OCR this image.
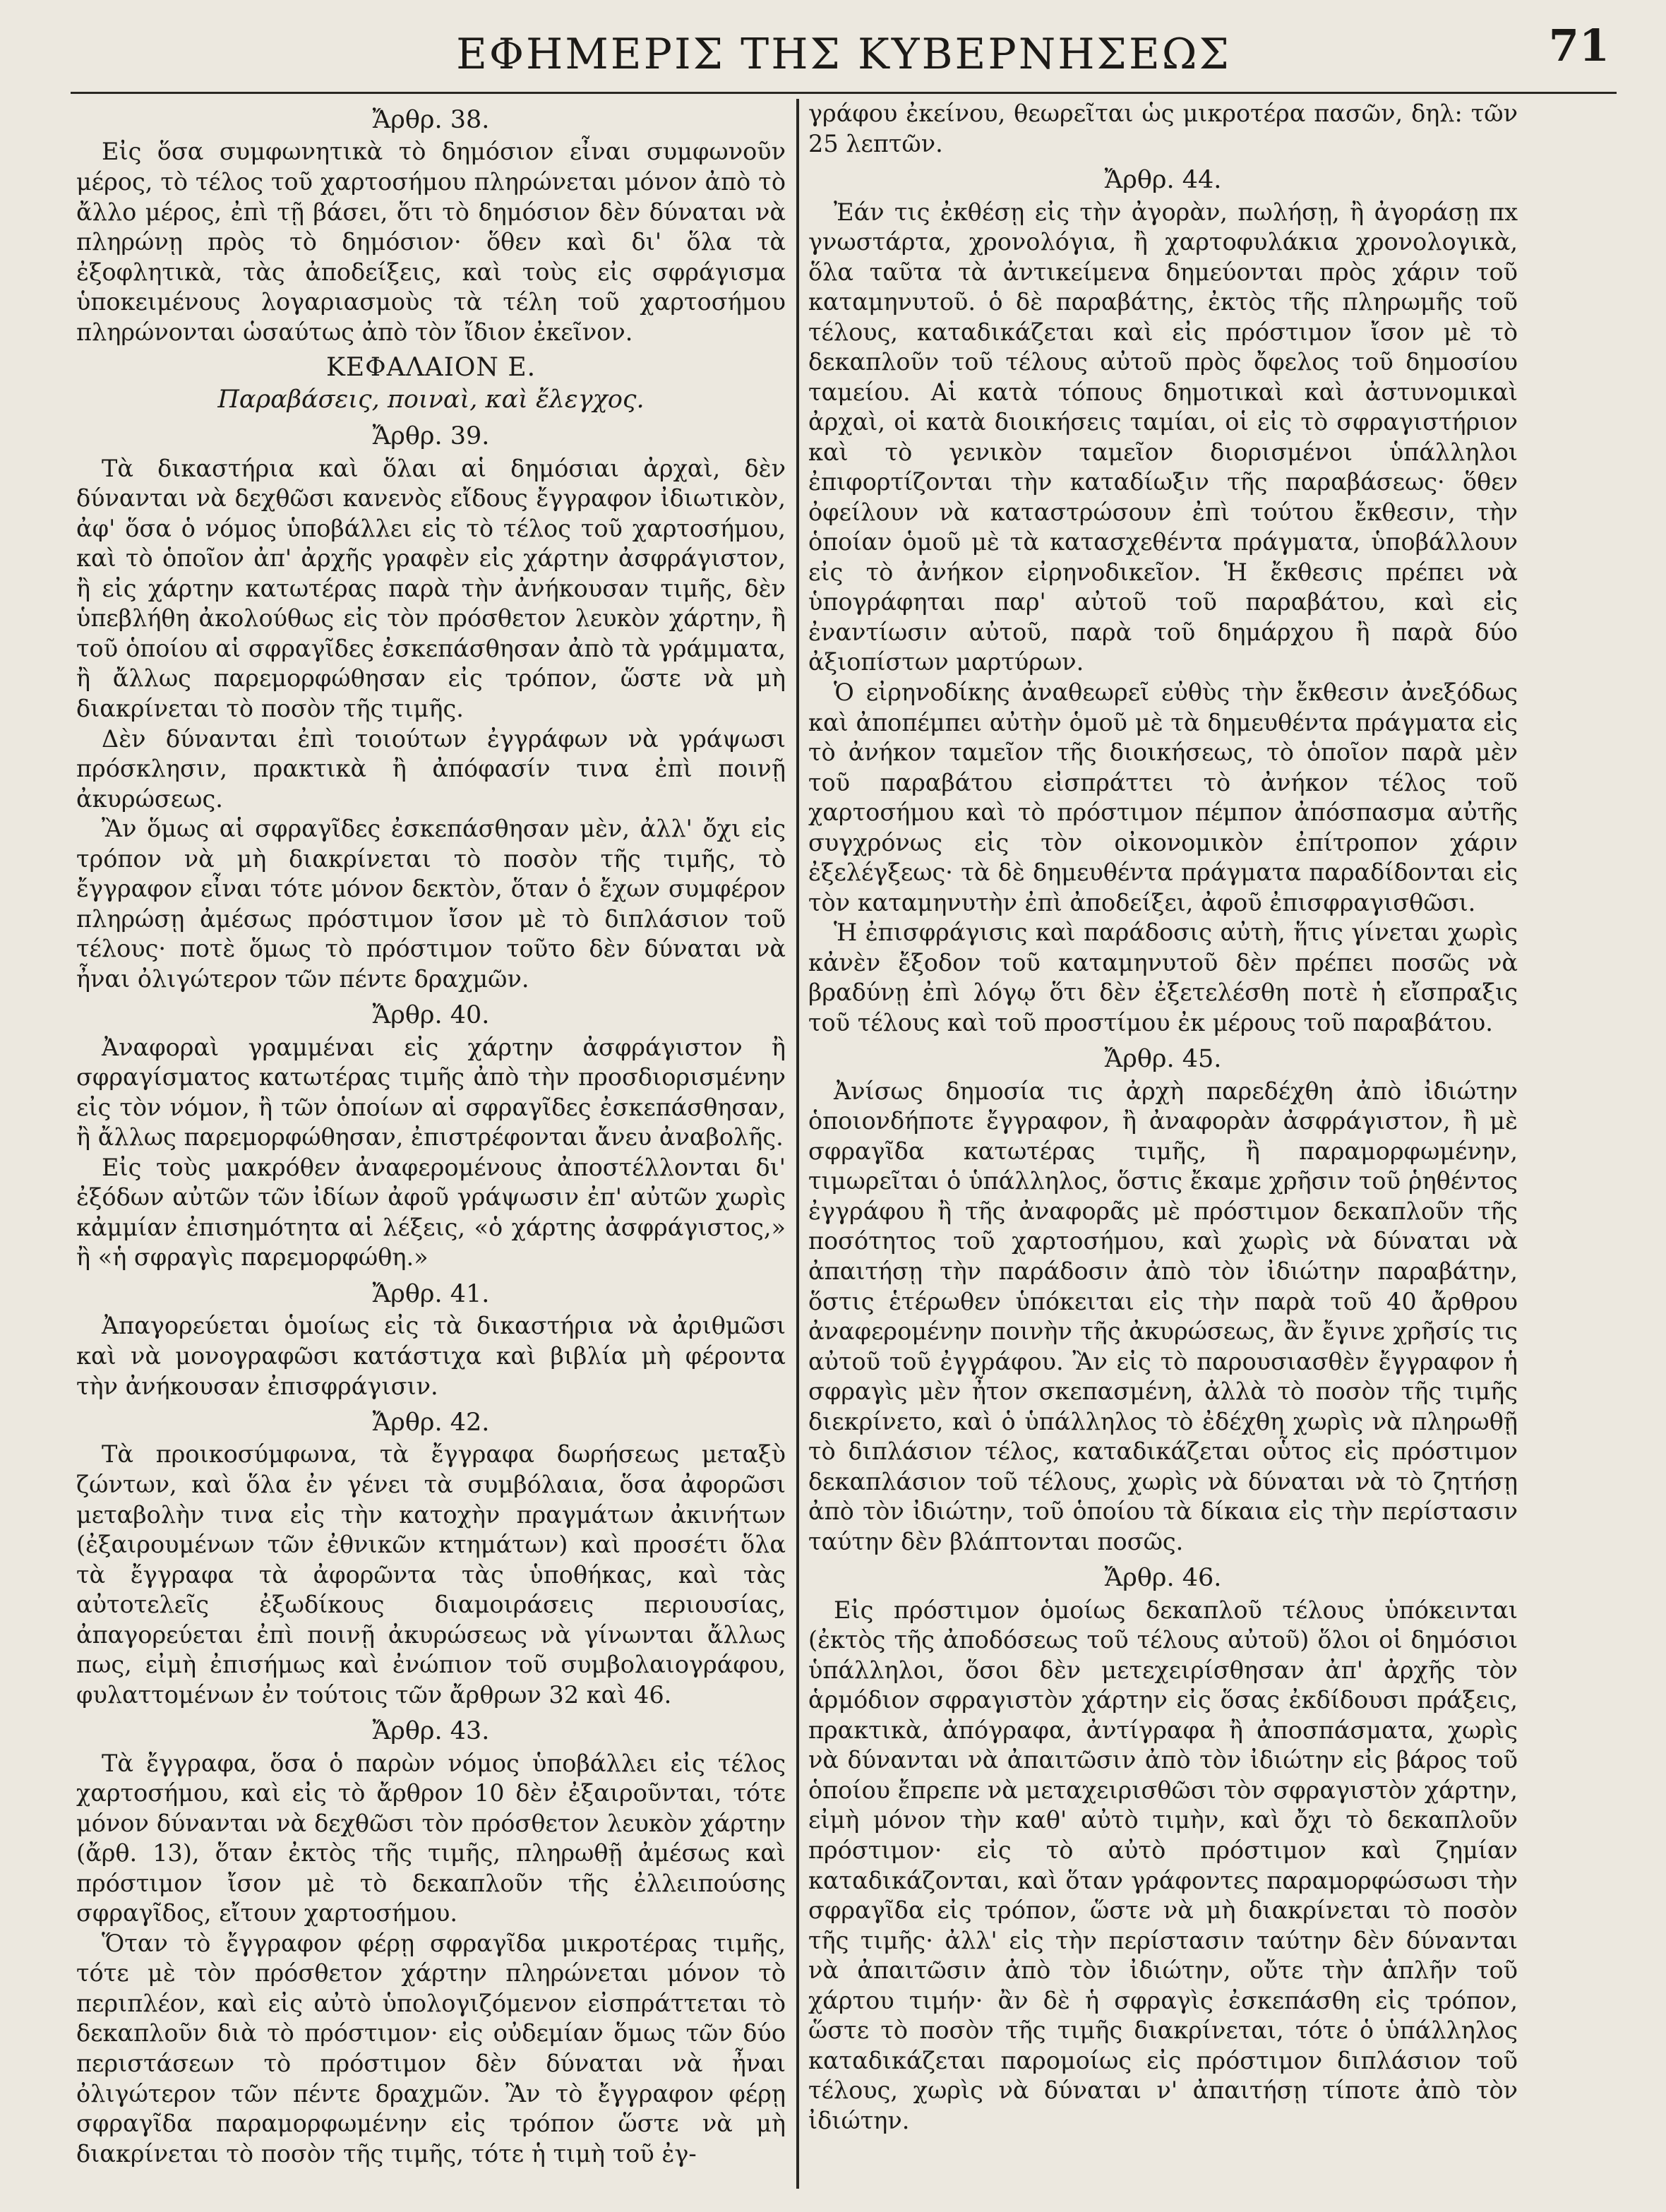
ΕΦΗΜΕΡΙΣ ΤΗΣ ΚΥΒΕΡΝΗΣΕΩΣ	71

Ἄρθρ. 38.

Εἰς ὅσα συμφωνητικὰ τὸ δημόσιον εἶναι συμφωνοῦν μέρος, τὸ τέλος τοῦ χαρτοσήμου πληρώνεται μόνον ἀπὸ τὸ ἄλλο μέρος, ἐπὶ τῇ βάσει, ὅτι τὸ δημόσιον δὲν δύναται νὰ πληρώνῃ πρὸς τὸ δημόσιον· ὅθεν καὶ δι' ὅλα τὰ ἐξοφλητικὰ, τὰς ἀποδείξεις, καὶ τοὺς εἰς σφράγισμα ὑποκειμένους λογαριασμοὺς τὰ τέλη τοῦ χαρτοσήμου πληρώνονται ὡσαύτως ἀπὸ τὸν ἴδιον ἐκεῖνον.

ΚΕΦΑΛΑΙΟΝ Ε.

Παραβάσεις, ποιναὶ, καὶ ἔλεγχος.

Ἄρθρ. 39.

Τὰ δικαστήρια καὶ ὅλαι αἱ δημόσιαι ἀρχαὶ, δὲν δύνανται νὰ δεχθῶσι κανενὸς εἴδους ἔγγραφον ἰδιωτικὸν, ἀφ' ὅσα ὁ νόμος ὑποβάλλει εἰς τὸ τέλος τοῦ χαρτοσήμου, καὶ τὸ ὁποῖον ἀπ' ἀρχῆς γραφὲν εἰς χάρτην ἀσφράγιστον, ἢ εἰς χάρτην κατωτέρας παρὰ τὴν ἀνήκουσαν τιμῆς, δὲν ὑπεβλήθη ἀκολούθως εἰς τὸν πρόσθετον λευκὸν χάρτην, ἢ τοῦ ὁποίου αἱ σφραγῖδες ἐσκεπάσθησαν ἀπὸ τὰ γράμματα, ἢ ἄλλως παρεμορφώθησαν εἰς τρόπον, ὥστε νὰ μὴ διακρίνεται τὸ ποσὸν τῆς τιμῆς.

Δὲν δύνανται ἐπὶ τοιούτων ἐγγράφων νὰ γράψωσι πρόσκλησιν, πρακτικὰ ἢ ἀπόφασίν τινα ἐπὶ ποινῇ ἀκυρώσεως.

Ἂν ὅμως αἱ σφραγῖδες ἐσκεπάσθησαν μὲν, ἀλλ' ὄχι εἰς τρόπον νὰ μὴ διακρίνεται τὸ ποσὸν τῆς τιμῆς, τὸ ἔγγραφον εἶναι τότε μόνον δεκτὸν, ὅταν ὁ ἔχων συμφέρον πληρώσῃ ἀμέσως πρόστιμον ἴσον μὲ τὸ διπλάσιον τοῦ τέλους· ποτὲ ὅμως τὸ πρόστιμον τοῦτο δὲν δύναται νὰ ἦναι ὀλιγώτερον τῶν πέντε δραχμῶν.

Ἄρθρ. 40.

Ἀναφοραὶ γραμμέναι εἰς χάρτην ἀσφράγιστον ἢ σφραγίσματος κατωτέρας τιμῆς ἀπὸ τὴν προσδιορισμένην εἰς τὸν νόμον, ἢ τῶν ὁποίων αἱ σφραγῖδες ἐσκεπάσθησαν, ἢ ἄλλως παρεμορφώθησαν, ἐπιστρέφονται ἄνευ ἀναβολῆς.

Εἰς τοὺς μακρόθεν ἀναφερομένους ἀποστέλλονται δι' ἐξόδων αὐτῶν τῶν ἰδίων ἀφοῦ γράψωσιν ἐπ' αὐτῶν χωρὶς κἀμμίαν ἐπισημότητα αἱ λέξεις, «ὁ χάρτης ἀσφράγιστος,» ἢ «ἡ σφραγὶς παρεμορφώθη.»

Ἄρθρ. 41.

Ἀπαγορεύεται ὁμοίως εἰς τὰ δικαστήρια νὰ ἀριθμῶσι καὶ νὰ μονογραφῶσι κατάστιχα καὶ βιβλία μὴ φέροντα τὴν ἀνήκουσαν ἐπισφράγισιν.

Ἄρθρ. 42.

Τὰ προικοσύμφωνα, τὰ ἔγγραφα δωρήσεως μεταξὺ ζώντων, καὶ ὅλα ἐν γένει τὰ συμβόλαια, ὅσα ἀφορῶσι μεταβολὴν τινα εἰς τὴν κατοχὴν πραγμάτων ἀκινήτων (ἐξαιρουμένων τῶν ἐθνικῶν κτημάτων) καὶ προσέτι ὅλα τὰ ἔγγραφα τὰ ἀφορῶντα τὰς ὑποθήκας, καὶ τὰς αὐτοτελεῖς ἐξωδίκους διαμοιράσεις περιουσίας, ἀπαγορεύεται ἐπὶ ποινῇ ἀκυρώσεως νὰ γίνωνται ἄλλως πως, εἰμὴ ἐπισήμως καὶ ἐνώπιον τοῦ συμβολαιογράφου, φυλαττομένων ἐν τούτοις τῶν ἄρθρων 32 καὶ 46.

Ἄρθρ. 43.

Τὰ ἔγγραφα, ὅσα ὁ παρὼν νόμος ὑποβάλλει εἰς τέλος χαρτοσήμου, καὶ εἰς τὸ ἄρθρον 10 δὲν ἐξαιροῦνται, τότε μόνον δύνανται νὰ δεχθῶσι τὸν πρόσθετον λευκὸν χάρτην (ἄρθ. 13), ὅταν ἐκτὸς τῆς τιμῆς, πληρωθῇ ἀμέσως καὶ πρόστιμον ἴσον μὲ τὸ δεκαπλοῦν τῆς ἐλλειπούσης σφραγῖδος, εἴτουν χαρτοσήμου.

Ὅταν τὸ ἔγγραφον φέρῃ σφραγῖδα μικροτέρας τιμῆς, τότε μὲ τὸν πρόσθετον χάρτην πληρώνεται μόνον τὸ περιπλέον, καὶ εἰς αὐτὸ ὑπολογιζόμενον εἰσπράττεται τὸ δεκαπλοῦν διὰ τὸ πρόστιμον· εἰς οὐδεμίαν ὅμως τῶν δύο περιστάσεων τὸ πρόστιμον δὲν δύναται νὰ ἦναι ὀλιγώτερον τῶν πέντε δραχμῶν. Ἂν τὸ ἔγγραφον φέρῃ σφραγῖδα παραμορφωμένην εἰς τρόπον ὥστε νὰ μὴ διακρίνεται τὸ ποσὸν τῆς τιμῆς, τότε ἡ τιμὴ τοῦ ἐγ-

γράφου ἐκείνου, θεωρεῖται ὡς μικροτέρα πασῶν, δηλ: τῶν 25 λεπτῶν.

Ἄρθρ. 44.

Ἐάν τις ἐκθέσῃ εἰς τὴν ἀγορὰν, πωλήσῃ, ἢ ἀγοράσῃ πx γνωστάρτα, χρονολόγια, ἢ χαρτοφυλάκια χρονολογικὰ, ὅλα ταῦτα τὰ ἀντικείμενα δημεύονται πρὸς χάριν τοῦ καταμηνυτοῦ. ὁ δὲ παραβάτης, ἐκτὸς τῆς πληρωμῆς τοῦ τέλους, καταδικάζεται καὶ εἰς πρόστιμον ἴσον μὲ τὸ δεκαπλοῦν τοῦ τέλους αὐτοῦ πρὸς ὄφελος τοῦ δημοσίου ταμείου. Αἱ κατὰ τόπους δημοτικαὶ καὶ ἀστυνομικαὶ ἀρχαὶ, οἱ κατὰ διοικήσεις ταμίαι, οἱ εἰς τὸ σφραγιστήριον καὶ τὸ γενικὸν ταμεῖον διορισμένοι ὑπάλληλοι ἐπιφορτίζονται τὴν καταδίωξιν τῆς παραβάσεως· ὅθεν ὀφείλουν νὰ καταστρώσουν ἐπὶ τούτου ἔκθεσιν, τὴν ὁποίαν ὁμοῦ μὲ τὰ κατασχεθέντα πράγματα, ὑποβάλλουν εἰς τὸ ἀνήκον εἰρηνοδικεῖον. Ἡ ἔκθεσις πρέπει νὰ ὑπογράφηται παρ' αὐτοῦ τοῦ παραβάτου, καὶ εἰς ἐναντίωσιν αὐτοῦ, παρὰ τοῦ δημάρχου ἢ παρὰ δύο ἀξιοπίστων μαρτύρων.

Ὁ εἰρηνοδίκης ἀναθεωρεῖ εὐθὺς τὴν ἔκθεσιν ἀνεξόδως καὶ ἀποπέμπει αὐτὴν ὁμοῦ μὲ τὰ δημευθέντα πράγματα εἰς τὸ ἀνήκον ταμεῖον τῆς διοικήσεως, τὸ ὁποῖον παρὰ μὲν τοῦ παραβάτου εἰσπράττει τὸ ἀνήκον τέλος τοῦ χαρτοσήμου καὶ τὸ πρόστιμον πέμπον ἀπόσπασμα αὐτῆς συγχρόνως εἰς τὸν οἰκονομικὸν ἐπίτροπον χάριν ἐξελέγξεως· τὰ δὲ δημευθέντα πράγματα παραδίδονται εἰς τὸν καταμηνυτὴν ἐπὶ ἀποδείξει, ἀφοῦ ἐπισφραγισθῶσι.

Ἡ ἐπισφράγισις καὶ παράδοσις αὐτὴ, ἥτις γίνεται χωρὶς κἀνὲν ἔξοδον τοῦ καταμηνυτοῦ δὲν πρέπει ποσῶς νὰ βραδύνῃ ἐπὶ λόγῳ ὅτι δὲν ἐξετελέσθη ποτὲ ἡ εἴσπραξις τοῦ τέλους καὶ τοῦ προστίμου ἐκ μέρους τοῦ παραβάτου.

Ἄρθρ. 45.

Ἀνίσως δημοσία τις ἀρχὴ παρεδέχθη ἀπὸ ἰδιώτην ὁποιονδήποτε ἔγγραφον, ἢ ἀναφορὰν ἀσφράγιστον, ἢ μὲ σφραγῖδα κατωτέρας τιμῆς, ἢ παραμορφωμένην, τιμωρεῖται ὁ ὑπάλληλος, ὅστις ἔκαμε χρῆσιν τοῦ ῥηθέντος ἐγγράφου ἢ τῆς ἀναφορᾶς μὲ πρόστιμον δεκαπλοῦν τῆς ποσότητος τοῦ χαρτοσήμου, καὶ χωρὶς νὰ δύναται νὰ ἀπαιτήσῃ τὴν παράδοσιν ἀπὸ τὸν ἰδιώτην παραβάτην, ὅστις ἑτέρωθεν ὑπόκειται εἰς τὴν παρὰ τοῦ 40 ἄρθρου ἀναφερομένην ποινὴν τῆς ἀκυρώσεως, ἂν ἔγινε χρῆσίς τις αὐτοῦ τοῦ ἐγγράφου. Ἂν εἰς τὸ παρουσιασθὲν ἔγγραφον ἡ σφραγὶς μὲν ἦτον σκεπασμένη, ἀλλὰ τὸ ποσὸν τῆς τιμῆς διεκρίνετο, καὶ ὁ ὑπάλληλος τὸ ἐδέχθη χωρὶς νὰ πληρωθῇ τὸ διπλάσιον τέλος, καταδικάζεται οὗτος εἰς πρόστιμον δεκαπλάσιον τοῦ τέλους, χωρὶς νὰ δύναται νὰ τὸ ζητήσῃ ἀπὸ τὸν ἰδιώτην, τοῦ ὁποίου τὰ δίκαια εἰς τὴν περίστασιν ταύτην δὲν βλάπτονται ποσῶς.

Ἄρθρ. 46.

Εἰς πρόστιμον ὁμοίως δεκαπλοῦ τέλους ὑπόκεινται (ἐκτὸς τῆς ἀποδόσεως τοῦ τέλους αὐτοῦ) ὅλοι οἱ δημόσιοι ὑπάλληλοι, ὅσοι δὲν μετεχειρίσθησαν ἀπ' ἀρχῆς τὸν ἁρμόδιον σφραγιστὸν χάρτην εἰς ὅσας ἐκδίδουσι πράξεις, πρακτικὰ, ἀπόγραφα, ἀντίγραφα ἢ ἀποσπάσματα, χωρὶς νὰ δύνανται νὰ ἀπαιτῶσιν ἀπὸ τὸν ἰδιώτην εἰς βάρος τοῦ ὁποίου ἔπρεπε νὰ μεταχειρισθῶσι τὸν σφραγιστὸν χάρτην, εἰμὴ μόνον τὴν καθ' αὐτὸ τιμὴν, καὶ ὄχι τὸ δεκαπλοῦν πρόστιμον· εἰς τὸ αὐτὸ πρόστιμον καὶ ζημίαν καταδικάζονται, καὶ ὅταν γράφοντες παραμορφώσωσι τὴν σφραγῖδα εἰς τρόπον, ὥστε νὰ μὴ διακρίνεται τὸ ποσὸν τῆς τιμῆς· ἀλλ' εἰς τὴν περίστασιν ταύτην δὲν δύνανται νὰ ἀπαιτῶσιν ἀπὸ τὸν ἰδιώτην, οὔτε τὴν ἁπλῆν τοῦ χάρτου τιμήν· ἂν δὲ ἡ σφραγὶς ἐσκεπάσθη εἰς τρόπον, ὥστε τὸ ποσὸν τῆς τιμῆς διακρίνεται, τότε ὁ ὑπάλληλος καταδικάζεται παρομοίως εἰς πρόστιμον διπλάσιον τοῦ τέλους, χωρὶς νὰ δύναται ν' ἀπαιτήσῃ τίποτε ἀπὸ τὸν ἰδιώτην.
